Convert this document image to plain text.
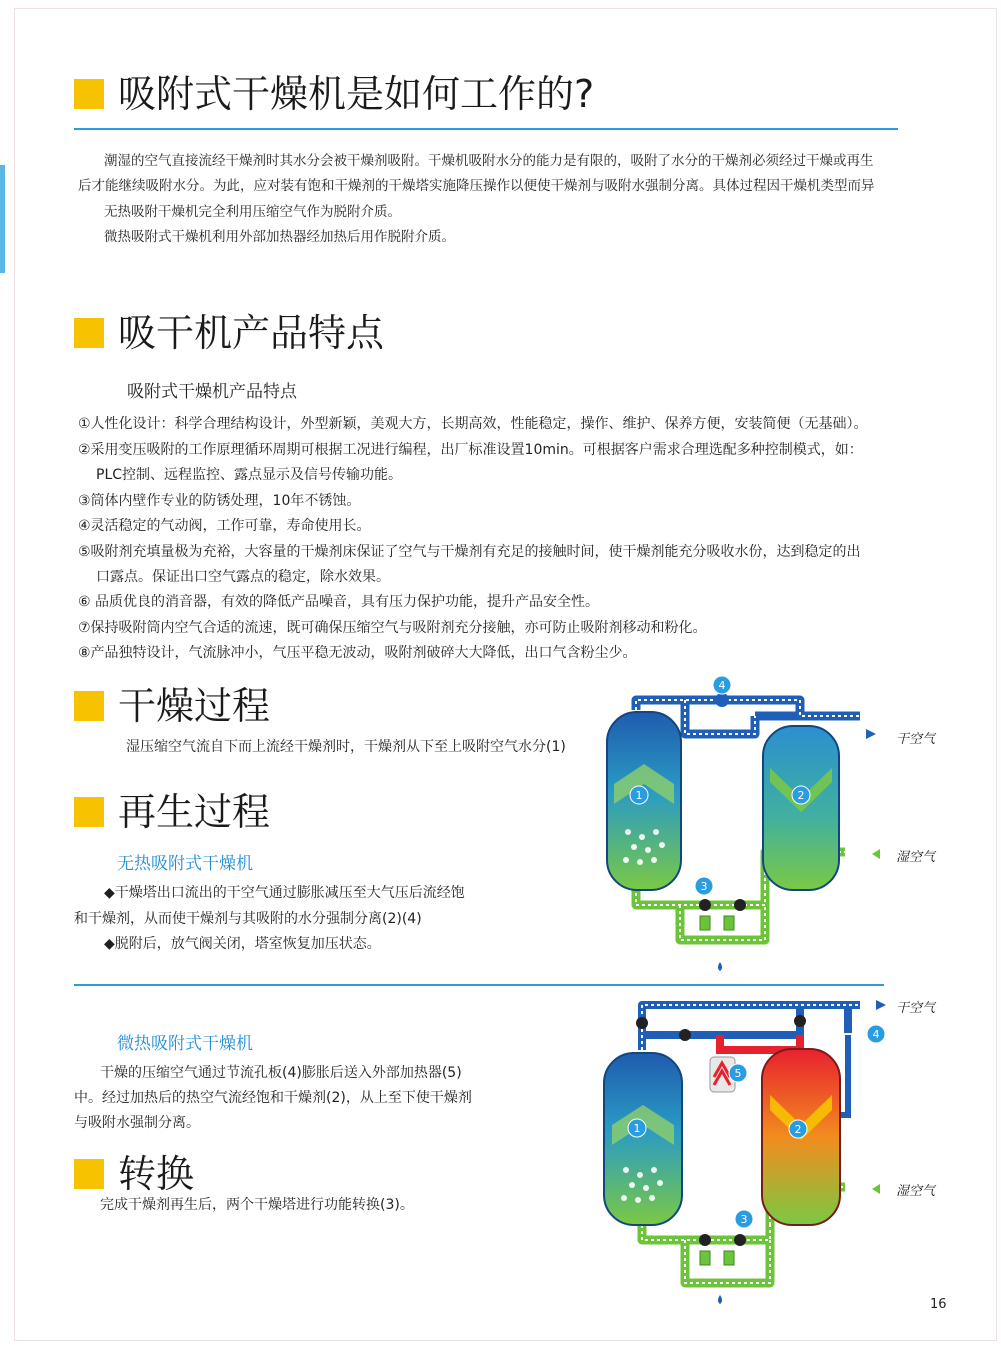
吸附式干燥机是如何工作的?
潮湿的空气直接流经干燥剂时其水分会被干燥剂吸附。干燥机吸附水分的能力是有限的，吸附了水分的干燥剂必须经过干燥或再生
后才能继续吸附水分。为此，应对装有饱和干燥剂的干燥塔实施降压操作以便使干燥剂与吸附水强制分离。具体过程因干燥机类型而异
无热吸附干燥机完全利用压缩空气作为脱附介质。
微热吸附式干燥机利用外部加热器经加热后用作脱附介质。
吸干机产品特点
吸附式干燥机产品特点
①人性化设计：科学合理结构设计，外型新颖，美观大方，长期高效，性能稳定，操作、维护、保养方便，安装简便（无基础）。
②采用变压吸附的工作原理循环周期可根据工况进行编程，出厂标准设置10min。可根据客户需求合理选配多种控制模式，如：
PLC控制、远程监控、露点显示及信号传输功能。
③筒体内壁作专业的防锈处理，10年不锈蚀。
④灵活稳定的气动阀，工作可靠，寿命使用长。
⑤吸附剂充填量极为充裕，大容量的干燥剂床保证了空气与干燥剂有充足的接触时间，使干燥剂能充分吸收水份，达到稳定的出
口露点。保证出口空气露点的稳定，除水效果。
⑥ 品质优良的消音器，有效的降低产品噪音，具有压力保护功能，提升产品安全性。
⑦保持吸附筒内空气合适的流速，既可确保压缩空气与吸附剂充分接触，亦可防止吸附剂移动和粉化。
⑧产品独特设计，气流脉冲小，气压平稳无波动，吸附剂破碎大大降低，出口气含粉尘少。
干燥过程
湿压缩空气流自下而上流经干燥剂时，干燥剂从下至上吸附空气水分(1)
再生过程
无热吸附式干燥机
◆干燥塔出口流出的干空气通过膨胀减压至大气压后流经饱
和干燥剂，从而使干燥剂与其吸附的水分强制分离(2)(4)
◆脱附后，放气阀关闭，塔室恢复加压状态。
微热吸附式干燥机
干燥的压缩空气通过节流孔板(4)膨胀后送入外部加热器(5)
中。经过加热后的热空气流经饱和干燥剂(2)，从上至下使干燥剂
与吸附水强制分离。
转换
完成干燥剂再生后，两个干燥塔进行功能转换(3)。
1	2
3
4
干空气
湿空气
1	2
3
4
5
干空气
湿空气
16
